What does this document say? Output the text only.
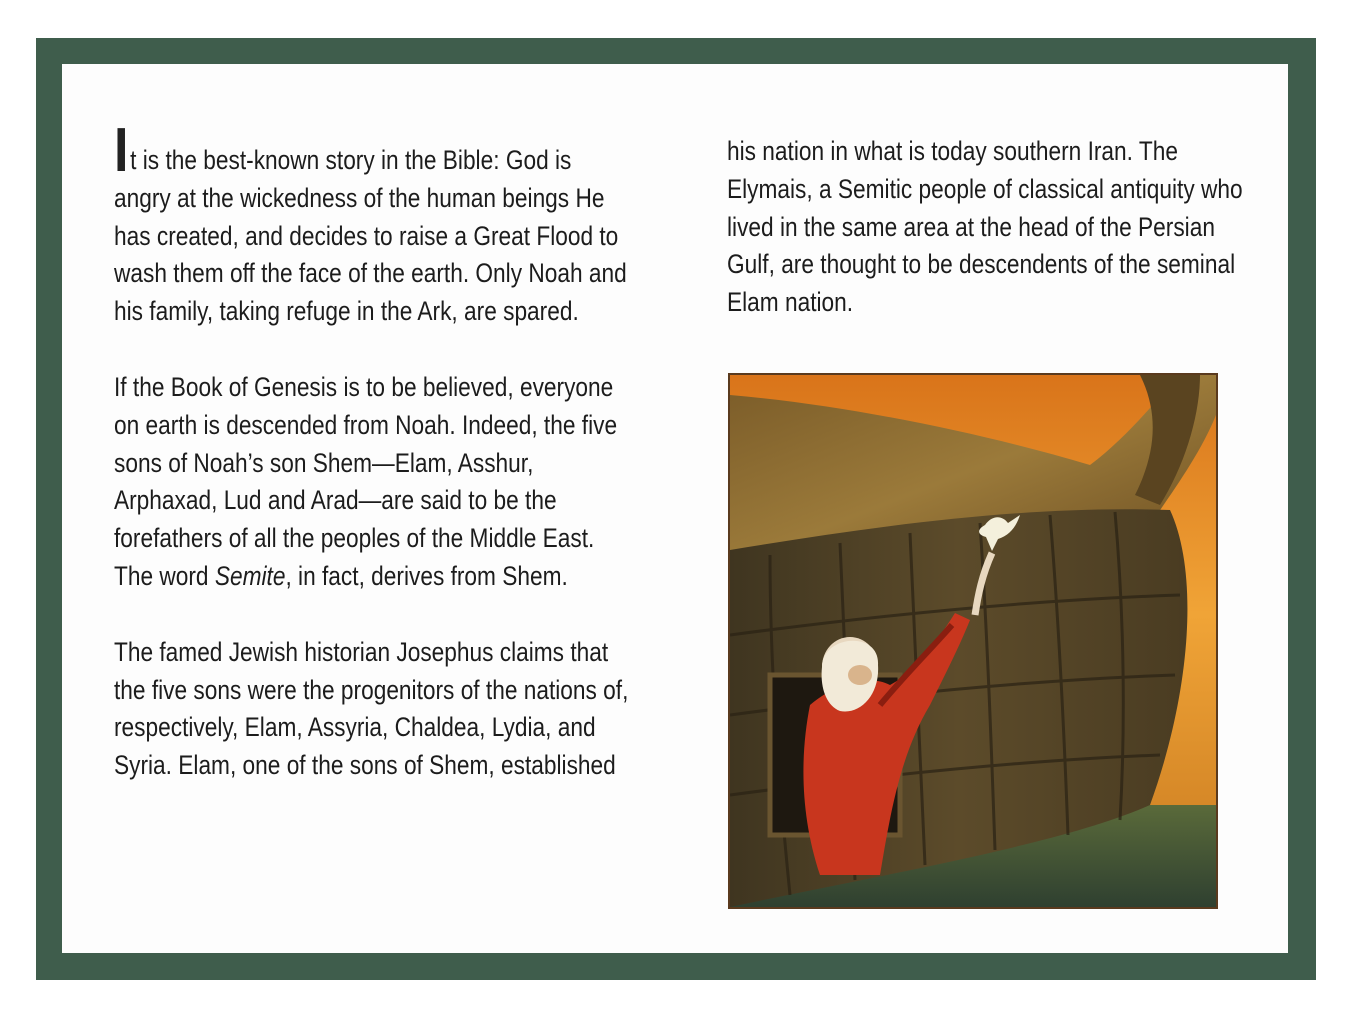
It is the best-known story in the Bible: God is angry at the wickedness of the human beings He has created, and decides to raise a Great Flood to wash them off the face of the earth. Only Noah and his family, taking refuge in the Ark, are spared.

If the Book of Genesis is to be believed, everyone on earth is descended from Noah. Indeed, the five sons of Noah’s son Shem—Elam, Asshur, Arphaxad, Lud and Arad—are said to be the forefathers of all the peoples of the Middle East. The word Semite, in fact, derives from Shem.

The famed Jewish historian Josephus claims that the five sons were the progenitors of the nations of, respectively, Elam, Assyria, Chaldea, Lydia, and Syria. Elam, one of the sons of Shem, established

his nation in what is today southern Iran. The Elymais, a Semitic people of classical antiquity who lived in the same area at the head of the Persian Gulf, are thought to be descendents of the seminal Elam nation.
